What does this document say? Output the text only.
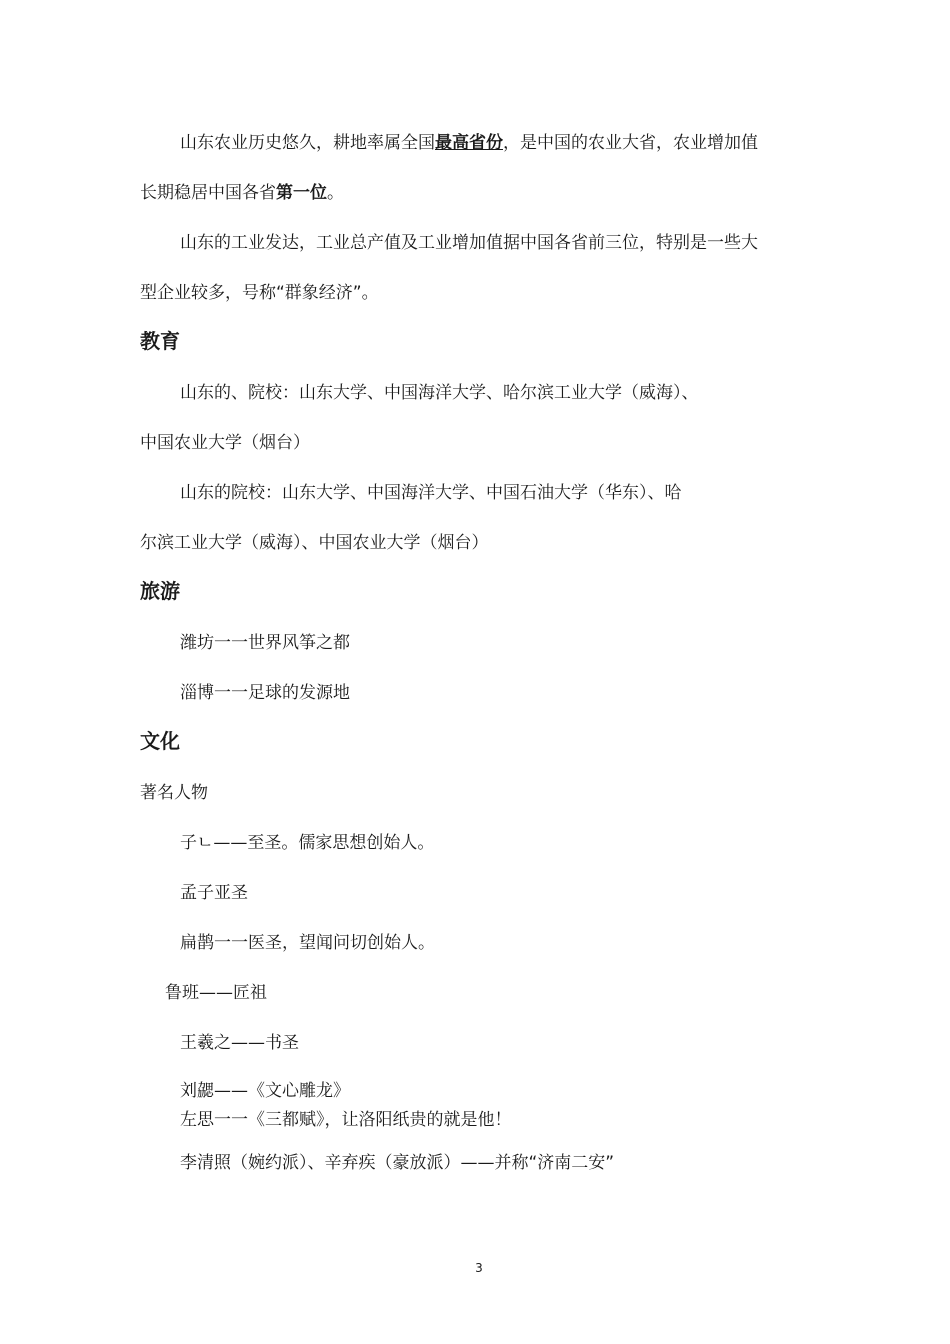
山东农业历史悠久，耕地率属全国最高省份，是中国的农业大省，农业增加值
长期稳居中国各省第一位。
山东的工业发达，工业总产值及工业增加值据中国各省前三位，特别是一些大
型企业较多，号称“群象经济”。
教育
山东的、院校：山东大学、中国海洋大学、哈尔滨工业大学（威海）、
中国农业大学（烟台）
山东的院校：山东大学、中国海洋大学、中国石油大学（华东）、哈
尔滨工业大学（威海）、中国农业大学（烟台）
旅游
潍坊一一世界风筝之都
淄博一一足球的发源地
文化
著名人物
子ㄴ——至圣。儒家思想创始人。
孟子亚圣
扁鹊一一医圣，望闻问切创始人。
鲁班——匠祖
王羲之——书圣
刘勰——《文心雕龙》
左思一一《三都赋》，让洛阳纸贵的就是他！
李清照（婉约派）、辛弃疾（豪放派）——并称“济南二安”
3
